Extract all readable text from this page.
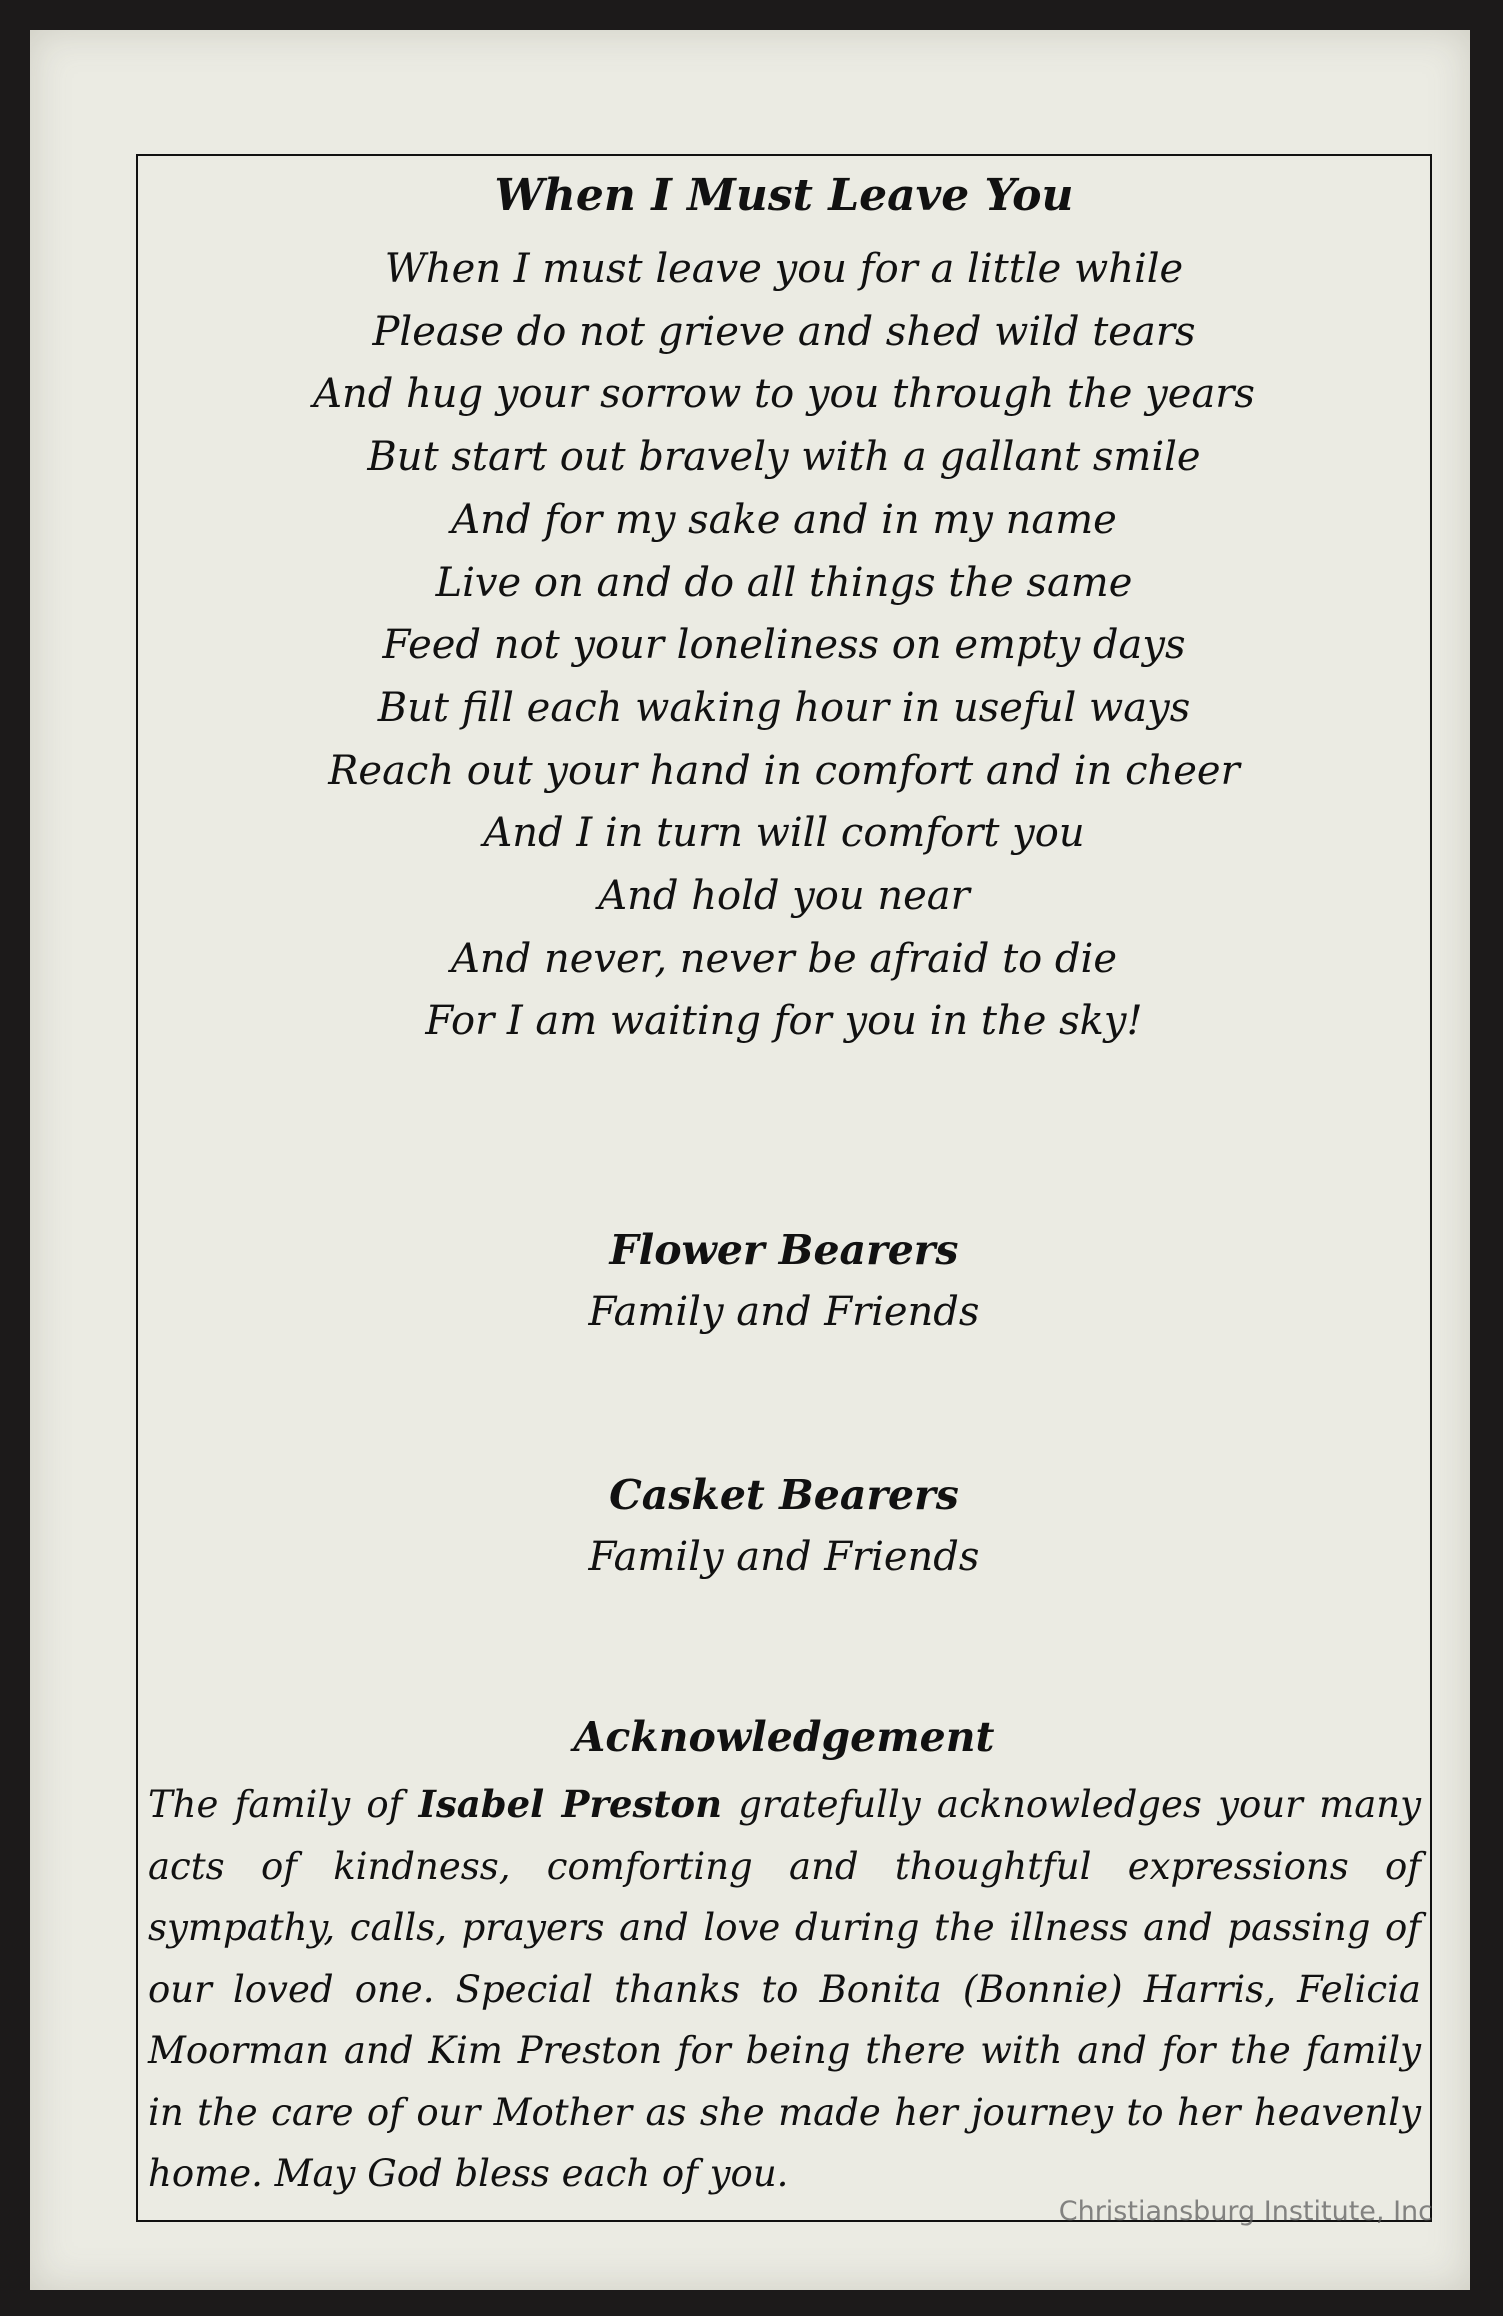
When I Must Leave You
When I must leave you for a little while
Please do not grieve and shed wild tears
And hug your sorrow to you through the years
But start out bravely with a gallant smile
And for my sake and in my name
Live on and do all things the same
Feed not your loneliness on empty days
But fill each waking hour in useful ways
Reach out your hand in comfort and in cheer
And I in turn will comfort you
And hold you near
And never, never be afraid to die
For I am waiting for you in the sky!
Flower Bearers

Family and Friends

Casket Bearers

Family and Friends

Acknowledgement

The family of Isabel Preston gratefully acknowledges your many acts of kindness, comforting and thoughtful expressions of sympathy, calls, prayers and love during the illness and passing of our loved one. Special thanks to Bonita (Bonnie) Harris, Felicia Moorman and Kim Preston for being there with and for the family in the care of our Mother as she made her journey to her heavenly home. May God bless each of you.

Christiansburg Institute, Inc
